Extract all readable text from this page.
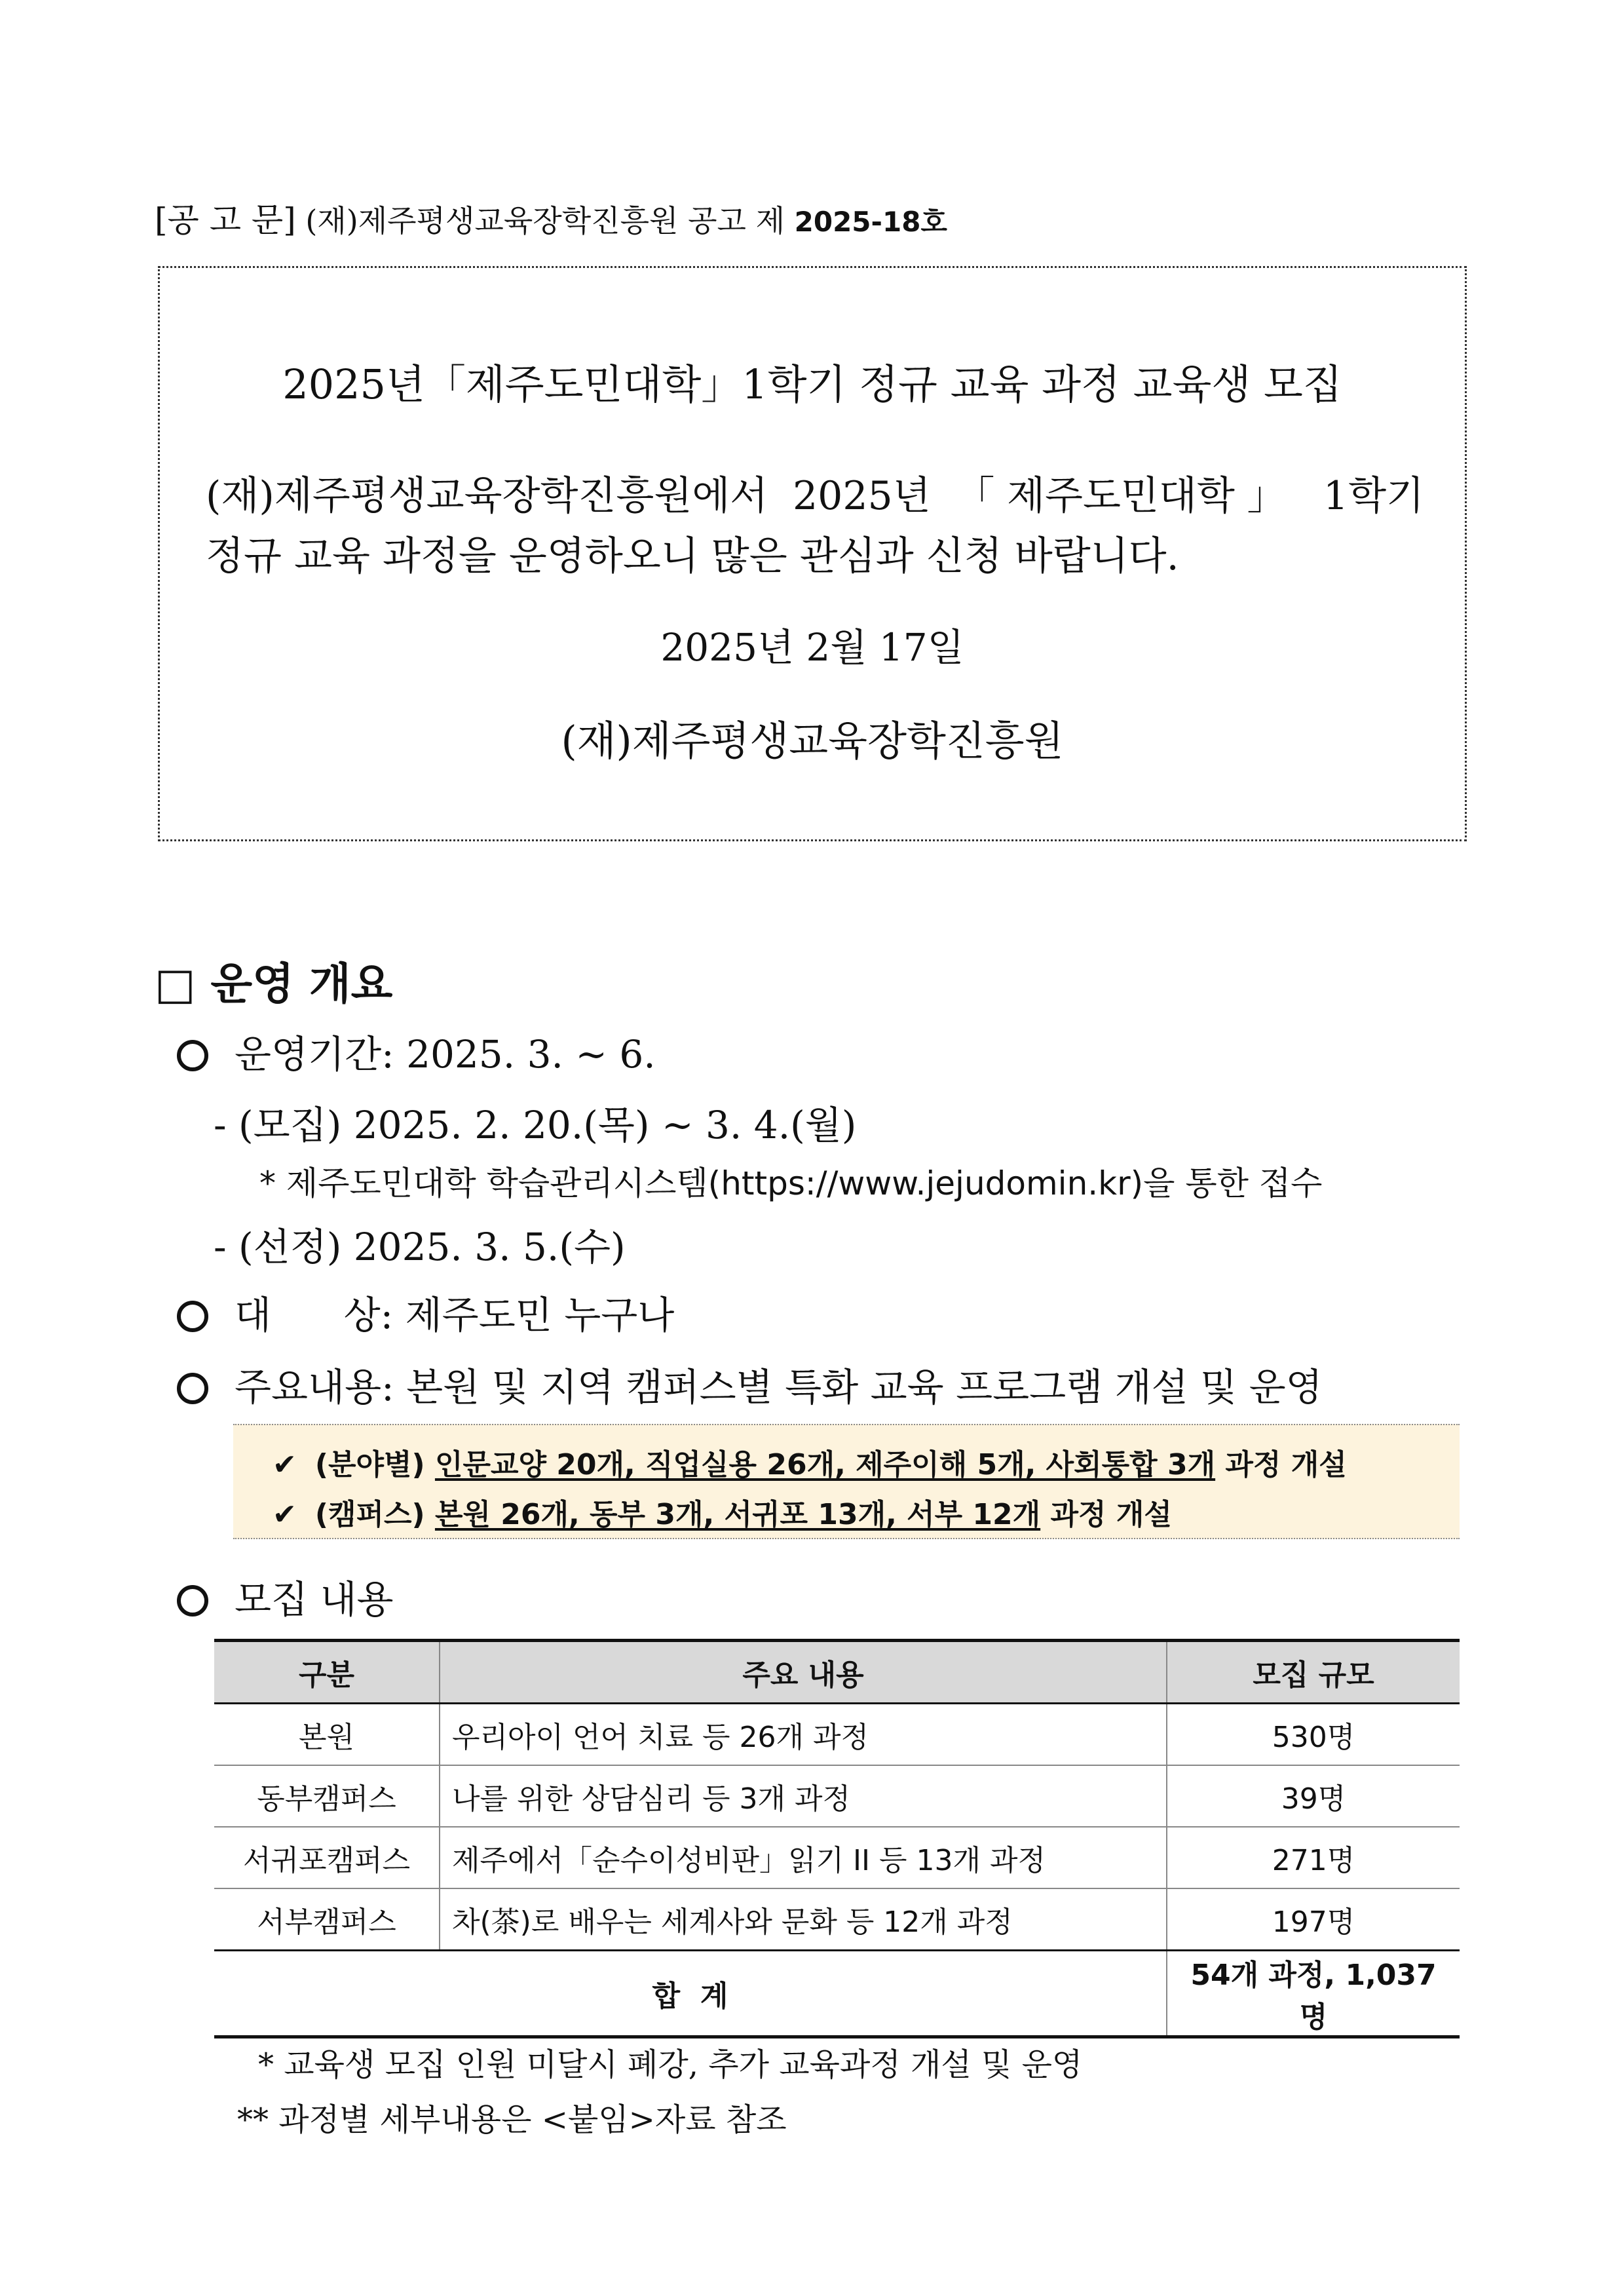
[공 고 문] (재)제주평생교육장학진흥원 공고 제 2025-18호
2025년「제주도민대학」1학기 정규 교육 과정 교육생 모집
(재)제주평생교육장학진흥원에서 2025년 「제주도민대학」 1학기
정규 교육 과정을 운영하오니 많은 관심과 신청 바랍니다.
2025년 2월 17일
(재)제주평생교육장학진흥원
□ 운영 개요
운영기간: 2025. 3. ~ 6.
- (모집) 2025. 2. 20.(목) ~ 3. 4.(월)
* 제주도민대학 학습관리시스템(https://www.jejudomin.kr)을 통한 접수
- (선정) 2025. 3. 5.(수)
대      상: 제주도민 누구나
주요내용: 본원 및 지역 캠퍼스별 특화 교육 프로그램 개설 및 운영
✔ (분야별) 인문교양 20개, 직업실용 26개, 제주이해 5개, 사회통합 3개 과정 개설
✔ (캠퍼스) 본원 26개, 동부 3개, 서귀포 13개, 서부 12개 과정 개설
모집 내용
구분	주요 내용	모집 규모
본원	우리아이 언어 치료 등 26개 과정	530명
동부캠퍼스	나를 위한 상담심리 등 3개 과정	39명
서귀포캠퍼스	제주에서「순수이성비판」읽기 II 등 13개 과정	271명
서부캠퍼스	차(茶)로 배우는 세계사와 문화 등 12개 과정	197명
합  계		54개 과정, 1,037명
* 교육생 모집 인원 미달시 폐강, 추가 교육과정 개설 및 운영
** 과정별 세부내용은 <붙임>자료 참조
